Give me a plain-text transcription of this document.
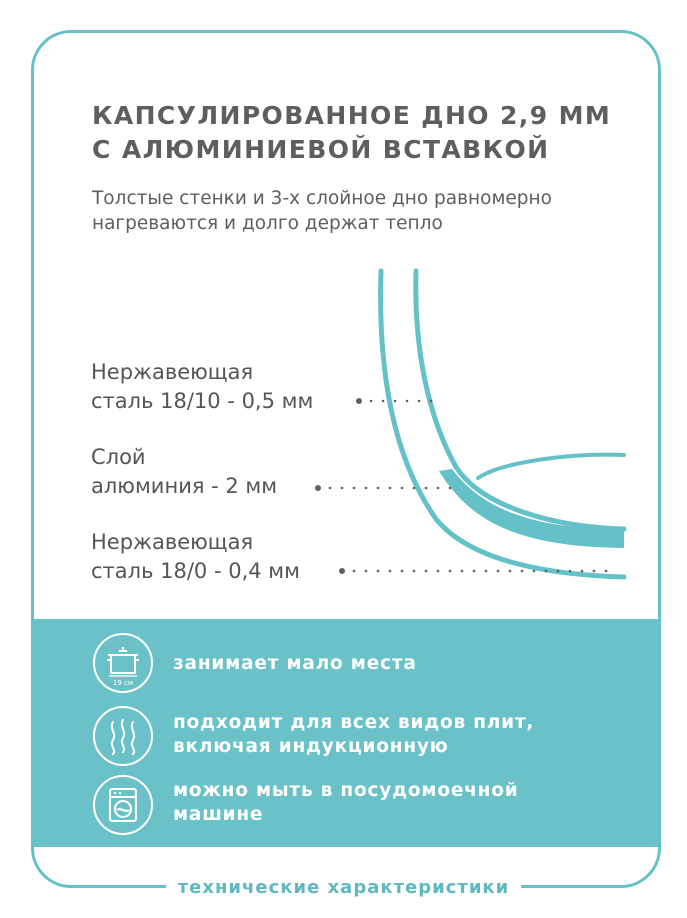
КАПСУЛИРОВАННОЕ ДНО 2,9 ММ
С АЛЮМИНИЕВОЙ ВСТАВКОЙ

Толстые стенки и 3-х слойное дно равномерно
нагреваются и долго держат тепло

Нержавеющая
сталь 18/10 - 0,5 мм

Слой
алюминия - 2 мм

Нержавеющая
сталь 18/0 - 0,4 мм

19 см

занимает мало места

подходит для всех видов плит,
включая индукционную

можно мыть в посудомоечной
машине

технические характеристики
